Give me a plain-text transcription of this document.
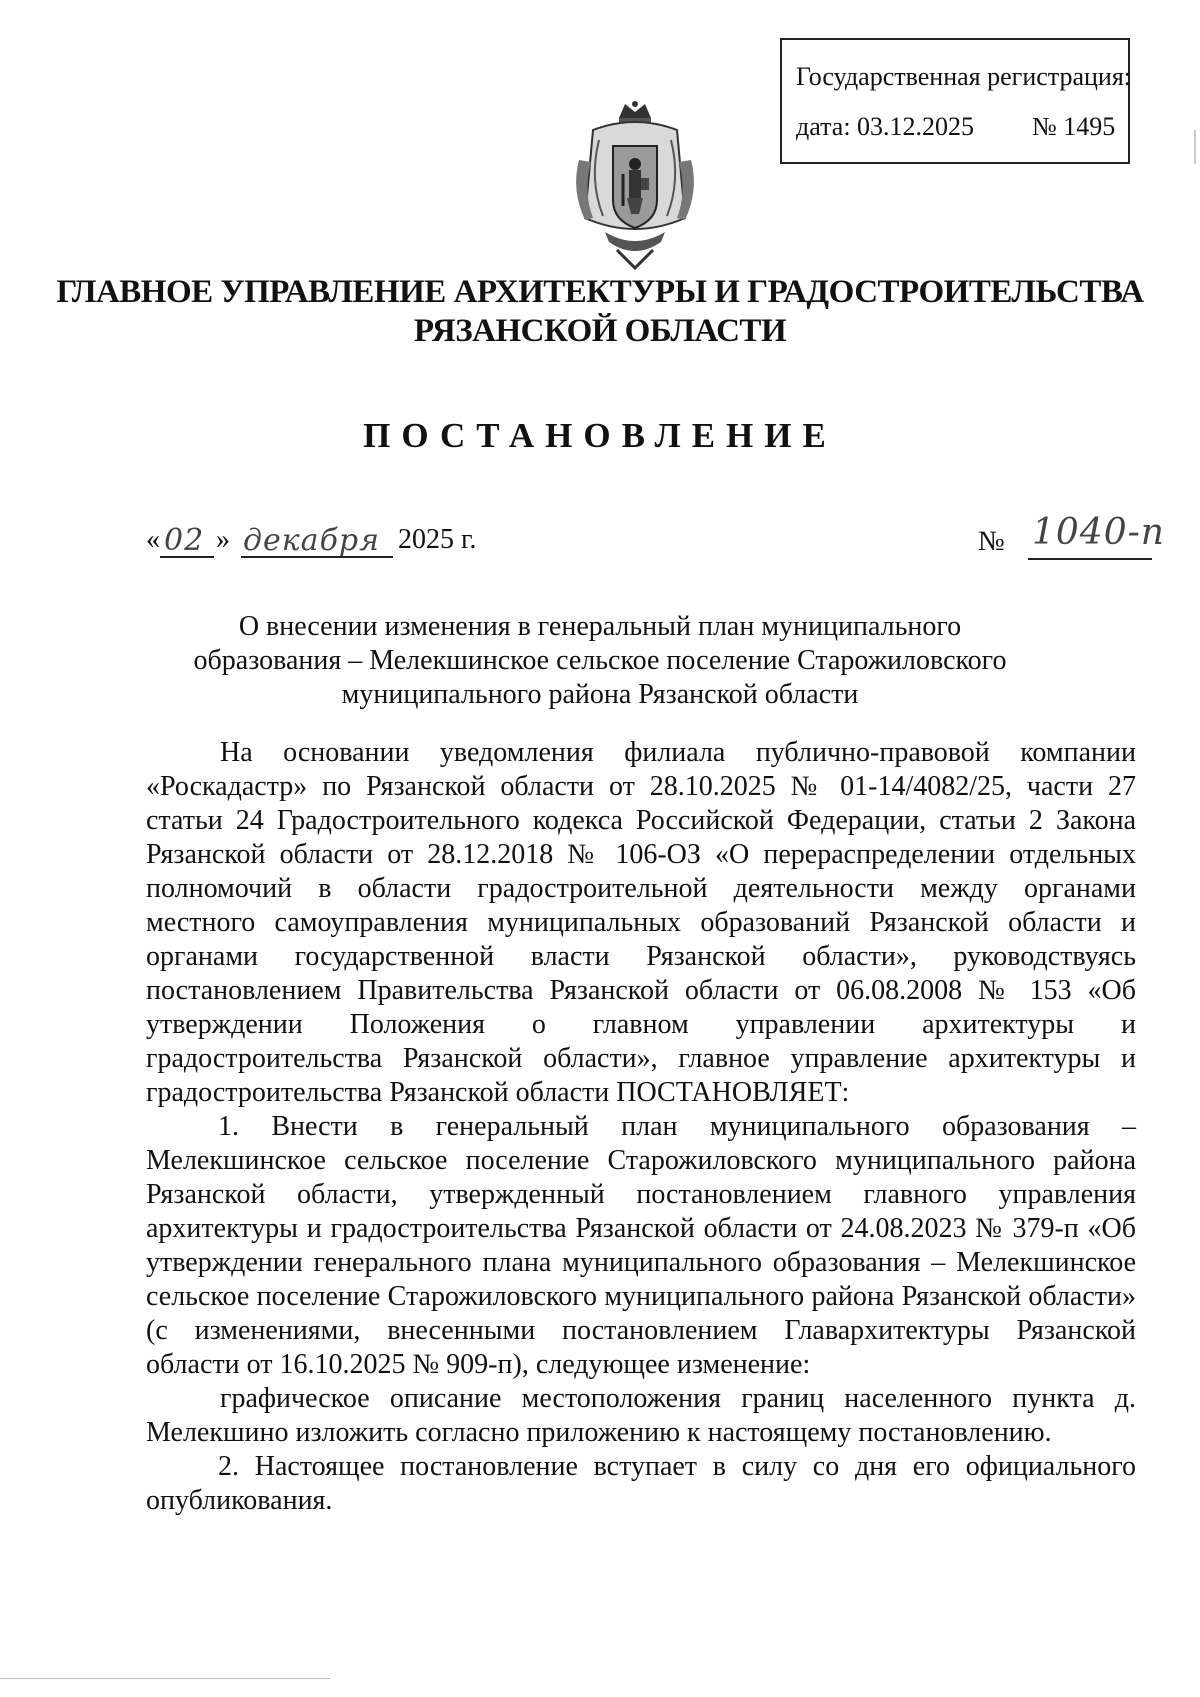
Государственная регистрация:
дата: 03.12.2025 № 1495
ГЛАВНОЕ УПРАВЛЕНИЕ АРХИТЕКТУРЫ И ГРАДОСТРОИТЕЛЬСТВА
РЯЗАНСКОЙ ОБЛАСТИ
ПОСТАНОВЛЕНИЕ
« 02 » декабря 2025 г.	№ 1040-п
О внесении изменения в генеральный план муниципального
образования – Мелекшинское сельское поселение Старожиловского
муниципального района Рязанской области

На основании уведомления филиала публично-правовой компании «Роскадастр» по Рязанской области от 28.10.2025 № 01-14/4082/25, части 27 статьи 24 Градостроительного кодекса Российской Федерации, статьи 2 Закона Рязанской области от 28.12.2018 № 106-ОЗ «О перераспределении отдельных полномочий в области градостроительной деятельности между органами местного самоуправления муниципальных образований Рязанской области и органами государственной власти Рязанской области», руководствуясь постановлением Правительства Рязанской области от 06.08.2008 № 153 «Об утверждении Положения о главном управлении архитектуры и градостроительства Рязанской области», главное управление архитектуры и градостроительства Рязанской области ПОСТАНОВЛЯЕТ:

1. Внести в генеральный план муниципального образования – Мелекшинское сельское поселение Старожиловского муниципального района Рязанской области, утвержденный постановлением главного управления архитектуры и градостроительства Рязанской области от 24.08.2023 № 379-п «Об утверждении генерального плана муниципального образования – Мелекшинское сельское поселение Старожиловского муниципального района Рязанской области» (с изменениями, внесенными постановлением Главархитектуры Рязанской области от 16.10.2025 № 909-п), следующее изменение:

графическое описание местоположения границ населенного пункта д. Мелекшино изложить согласно приложению к настоящему постановлению.

2. Настоящее постановление вступает в силу со дня его официального опубликования.
